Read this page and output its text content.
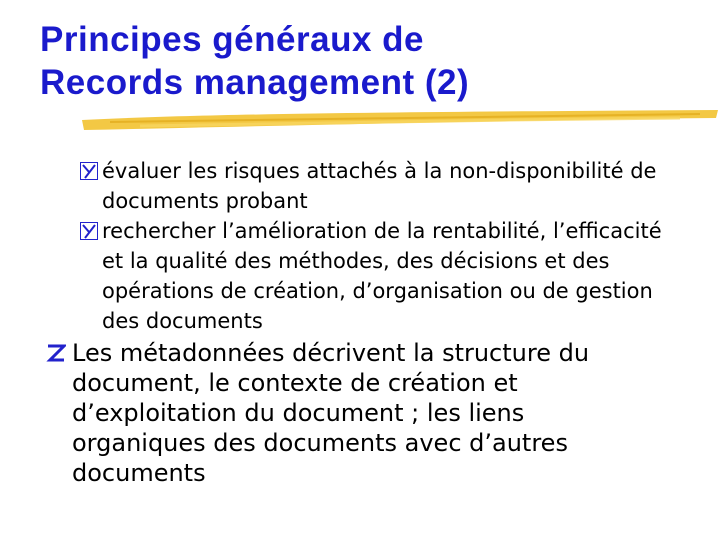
Principes généraux de
Records management (2)
évaluer les risques attachés à la non-disponibilité de
documents probant
rechercher l’amélioration de la rentabilité, l’efficacité
et la qualité des méthodes, des décisions et des
opérations de création, d’organisation ou de gestion
des documents
Les métadonnées décrivent la structure du
document, le contexte de création et
d’exploitation du document ; les liens
organiques des documents avec d’autres
documents
